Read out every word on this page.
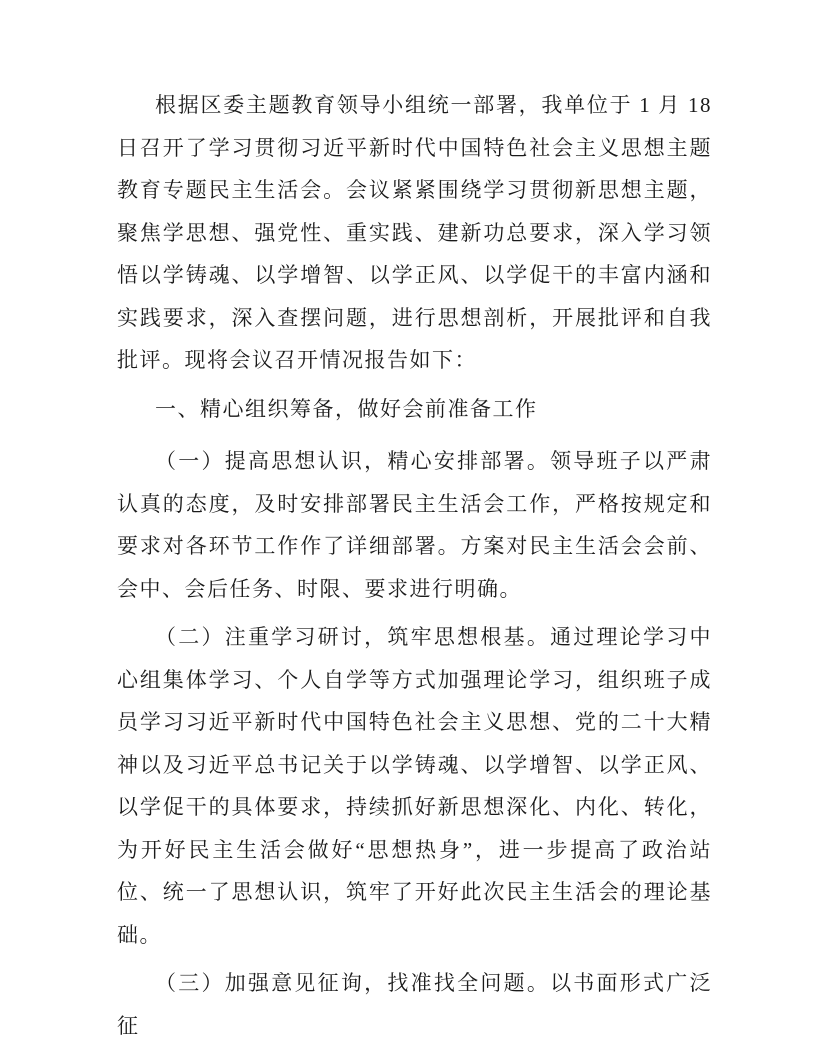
根据区委主题教育领导小组统一部署，我单位于 1 月 18 日召开了学习贯彻习近平新时代中国特色社会主义思想主题教育专题民主生活会。会议紧紧围绕学习贯彻新思想主题，聚焦学思想、强党性、重实践、建新功总要求，深入学习领悟以学铸魂、以学增智、以学正风、以学促干的丰富内涵和实践要求，深入查摆问题，进行思想剖析，开展批评和自我批评。现将会议召开情况报告如下：

一、精心组织筹备，做好会前准备工作

（一）提高思想认识，精心安排部署。领导班子以严肃认真的态度，及时安排部署民主生活会工作，严格按规定和要求对各环节工作作了详细部署。方案对民主生活会会前、会中、会后任务、时限、要求进行明确。

（二）注重学习研讨，筑牢思想根基。通过理论学习中心组集体学习、个人自学等方式加强理论学习，组织班子成员学习习近平新时代中国特色社会主义思想、党的二十大精神以及习近平总书记关于以学铸魂、以学增智、以学正风、以学促干的具体要求，持续抓好新思想深化、内化、转化，为开好民主生活会做好“思想热身”，进一步提高了政治站位、统一了思想认识，筑牢了开好此次民主生活会的理论基础。

（三）加强意见征询，找准找全问题。以书面形式广泛征
